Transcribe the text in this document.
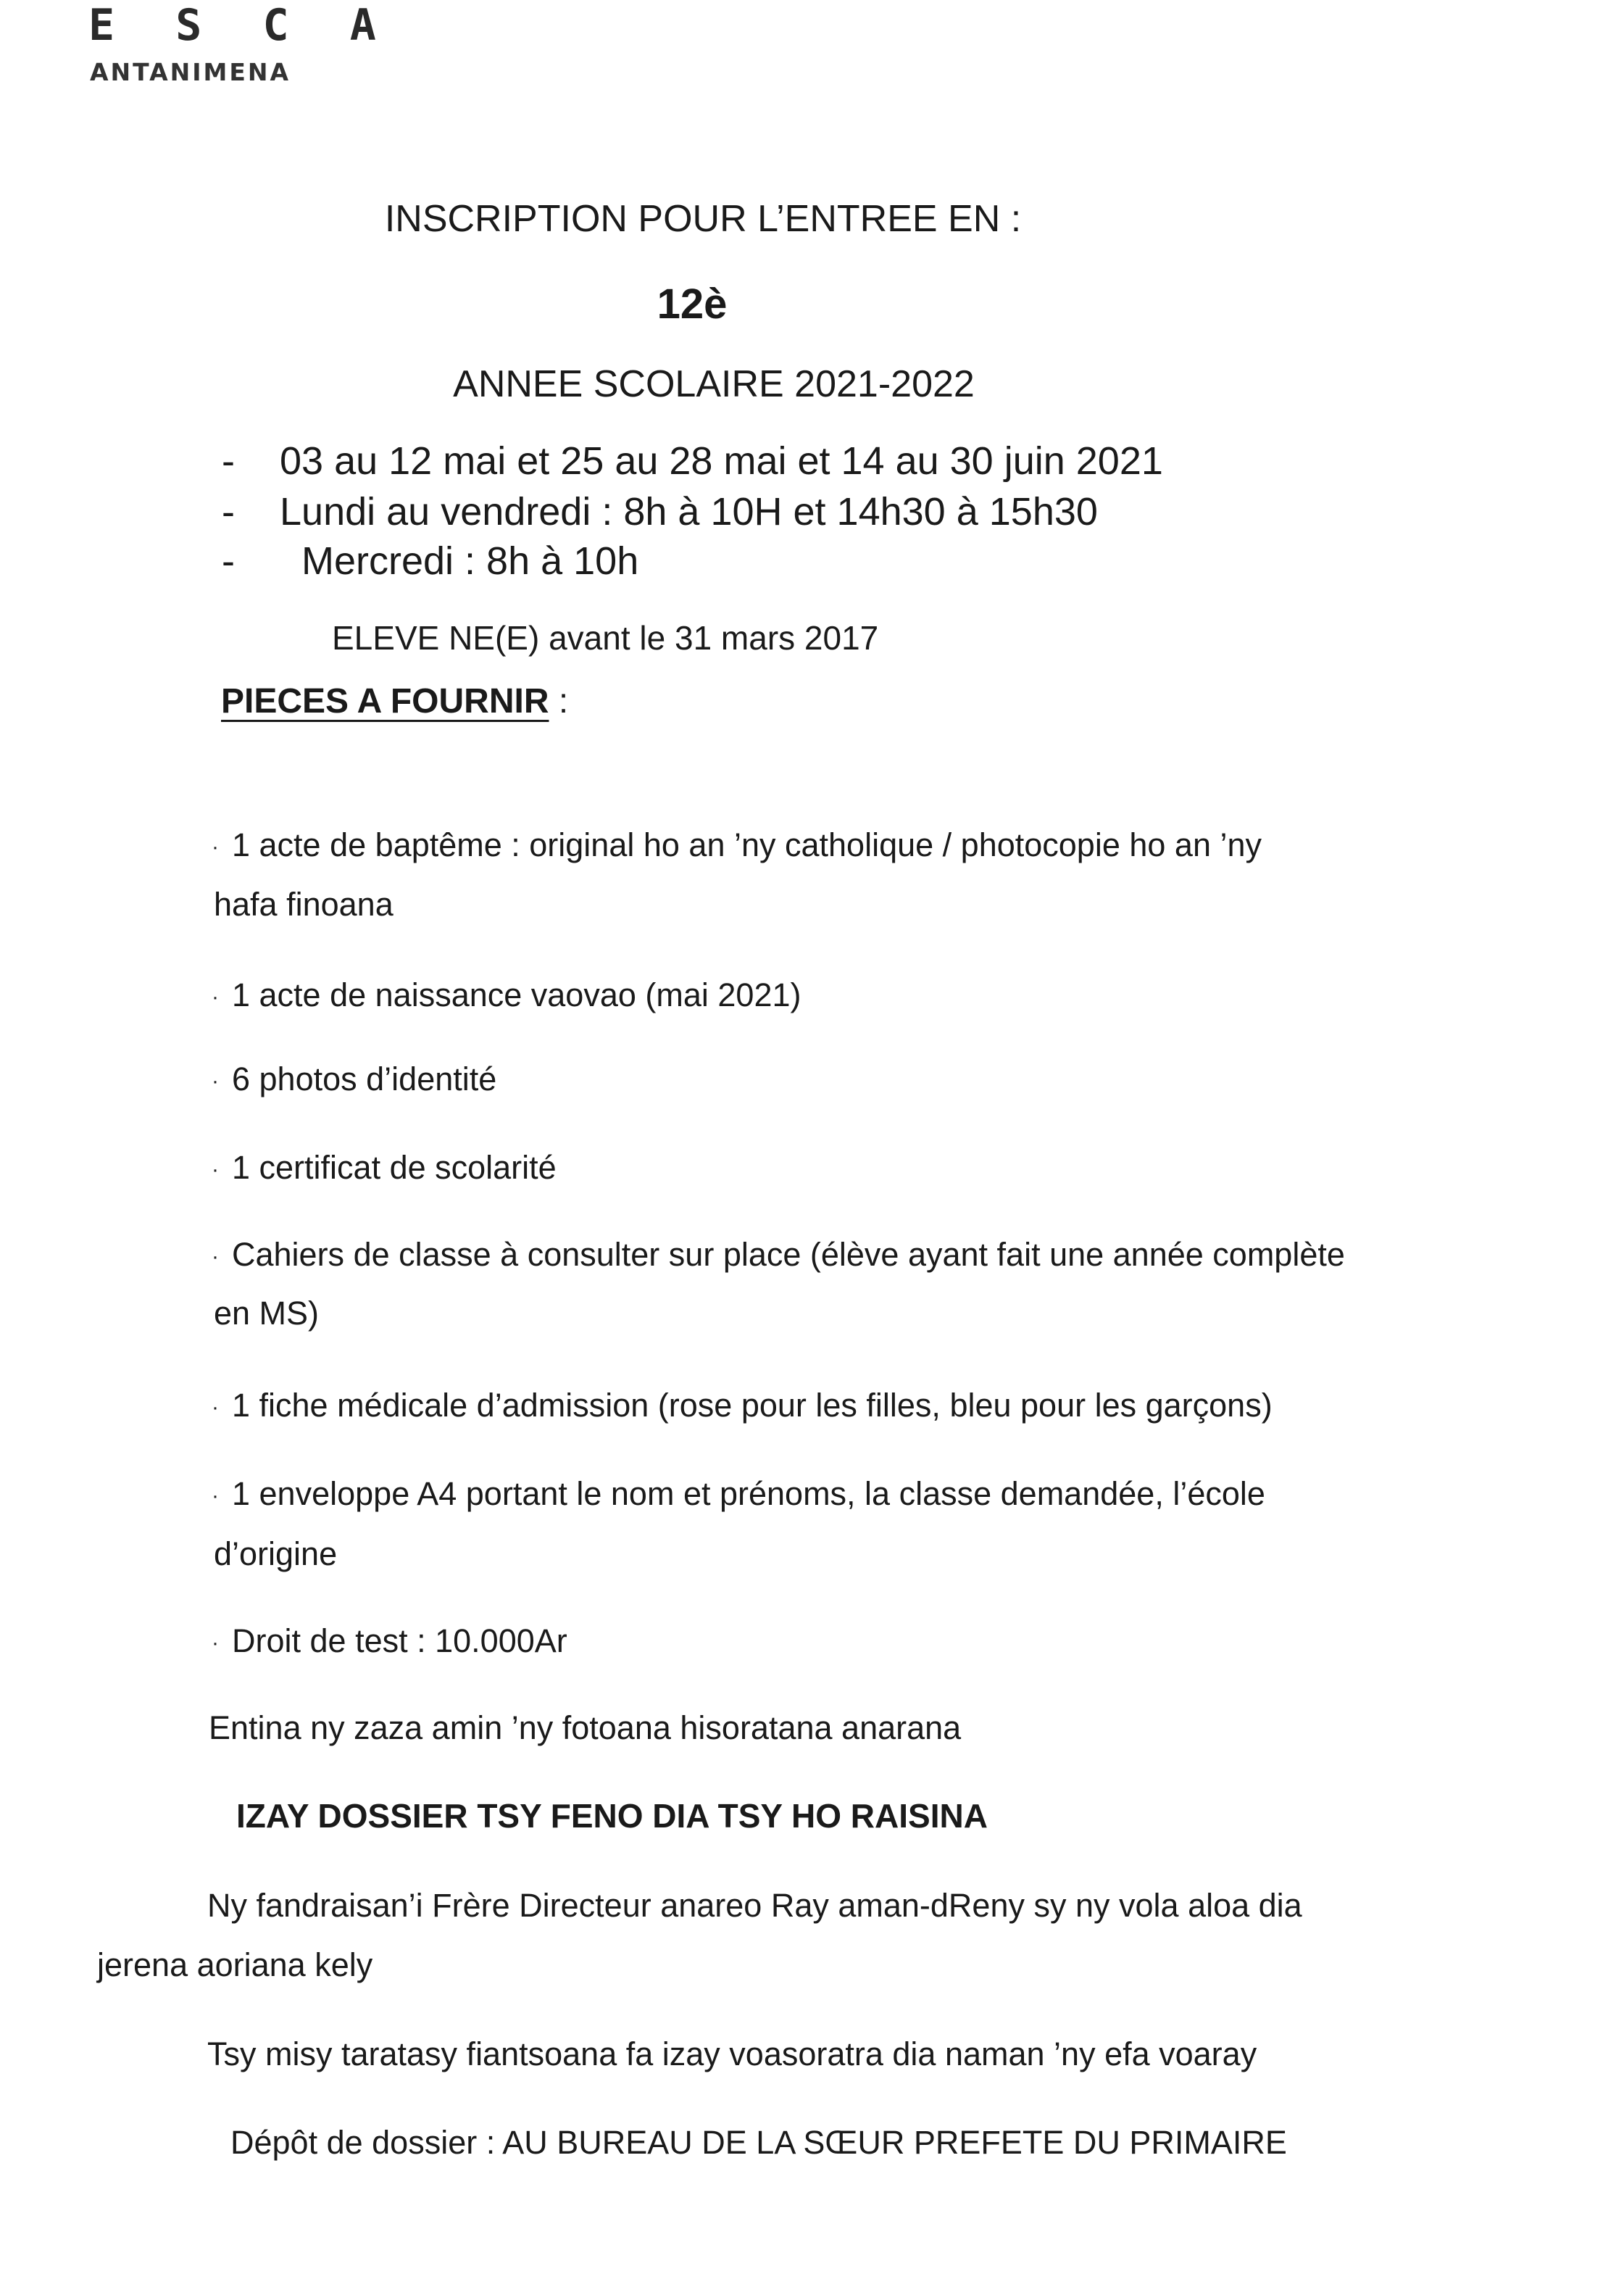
E S C A
ANTANIMENA
INSCRIPTION POUR L’ENTREE EN :
12è
ANNEE SCOLAIRE 2021-2022
- 03 au 12 mai et 25 au 28 mai et 14 au 30 juin 2021
- Lundi au vendredi : 8h à 10H et 14h30 à 15h30
- Mercredi : 8h à 10h
ELEVE NE(E) avant le 31 mars 2017
PIECES A FOURNIR :
· 1 acte de baptême : original ho an ’ny catholique / photocopie ho an ’ny
hafa finoana
· 1 acte de naissance vaovao (mai 2021)
· 6 photos d’identité
· 1 certificat de scolarité
· Cahiers de classe à consulter sur place (élève ayant fait une année complète
en MS)
· 1 fiche médicale d’admission (rose pour les filles, bleu pour les garçons)
· 1 enveloppe A4 portant le nom et prénoms, la classe demandée, l’école
d’origine
· Droit de test : 10.000Ar
Entina ny zaza amin ’ny fotoana hisoratana anarana
IZAY DOSSIER TSY FENO DIA TSY HO RAISINA
Ny fandraisan’i Frère Directeur anareo Ray aman-dReny sy ny vola aloa dia
jerena aoriana kely
Tsy misy taratasy fiantsoana fa izay voasoratra dia naman ’ny efa voaray
Dépôt de dossier : AU BUREAU DE LA SŒUR PREFETE DU PRIMAIRE
